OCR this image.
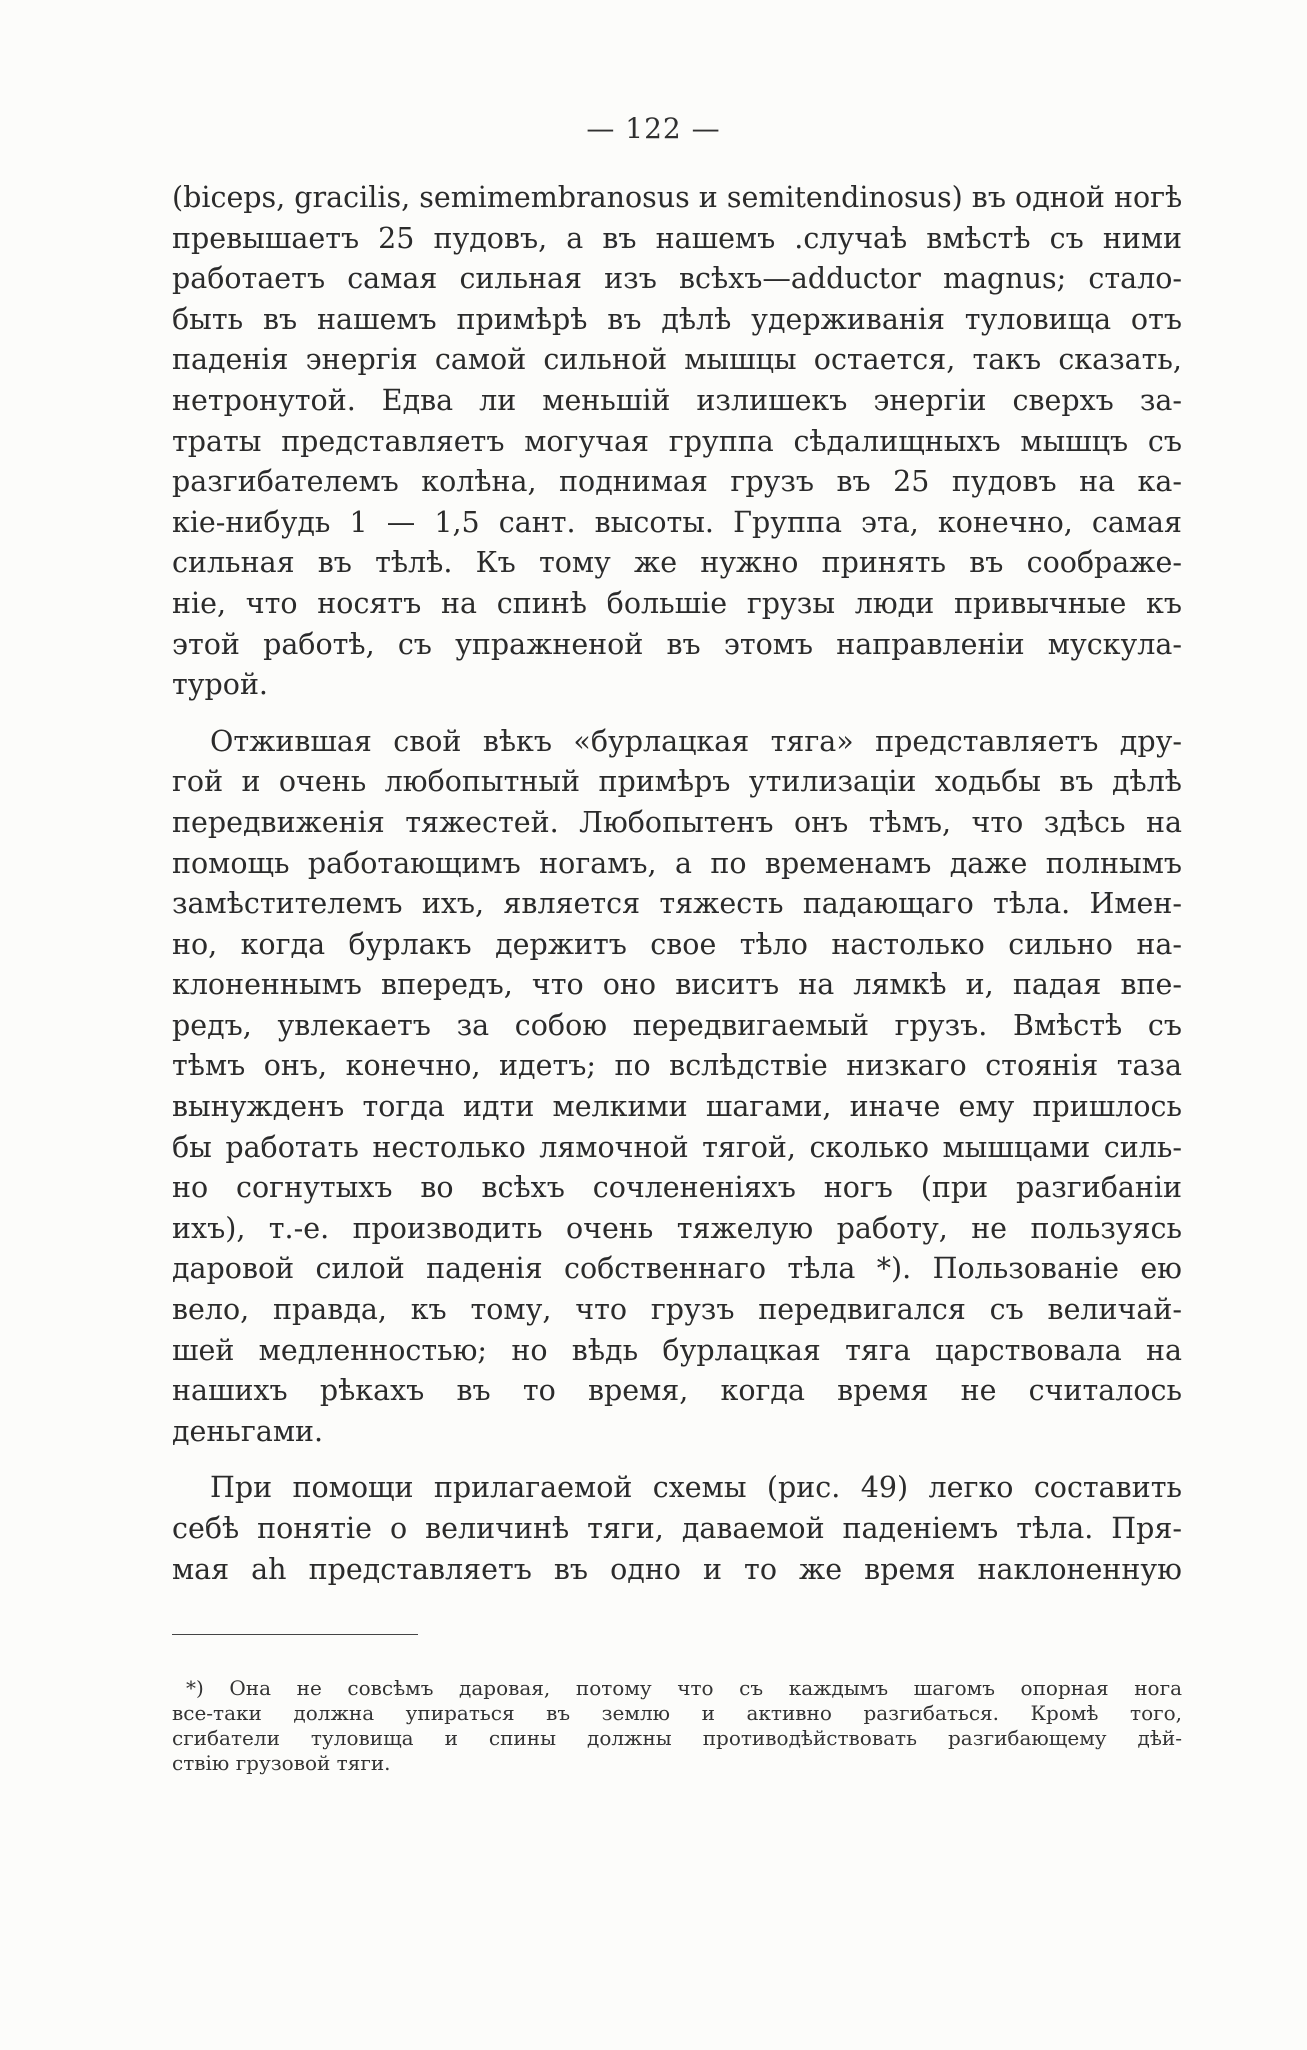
— 122 —
(biceps, gracilis, semimembranosus и semitendinosus) въ одной ногѣ
превышаетъ 25 пудовъ, а въ нашемъ .случаѣ вмѣстѣ съ ними
работаетъ самая сильная изъ всѣхъ—adductor magnus; стало-
быть въ нашемъ примѣрѣ въ дѣлѣ удерживанія туловища отъ
паденія энергія самой сильной мышцы остается, такъ сказать,
нетронутой. Едва ли меньшій излишекъ энергіи сверхъ за-
траты представляетъ могучая группа сѣдалищныхъ мышцъ съ
разгибателемъ колѣна, поднимая грузъ въ 25 пудовъ на ка-
кіе-нибудь 1 — 1,5 сант. высоты. Группа эта, конечно, самая
сильная въ тѣлѣ. Къ тому же нужно принять въ соображе-
ніе, что носятъ на спинѣ большіе грузы люди привычные къ
этой работѣ, съ упражненой въ этомъ направленіи мускула-
турой.
Отжившая свой вѣкъ «бурлацкая тяга» представляетъ дру-
гой и очень любопытный примѣръ утилизаціи ходьбы въ дѣлѣ
передвиженія тяжестей. Любопытенъ онъ тѣмъ, что здѣсь на
помощь работающимъ ногамъ, а по временамъ даже полнымъ
замѣстителемъ ихъ, является тяжесть падающаго тѣла. Имен-
но, когда бурлакъ держитъ свое тѣло настолько сильно на-
клоненнымъ впередъ, что оно виситъ на лямкѣ и, падая впе-
редъ, увлекаетъ за собою передвигаемый грузъ. Вмѣстѣ съ
тѣмъ онъ, конечно, идетъ; по вслѣдствіе низкаго стоянія таза
вынужденъ тогда идти мелкими шагами, иначе ему пришлось
бы работать нестолько лямочной тягой, сколько мышцами силь-
но согнутыхъ во всѣхъ сочлененіяхъ ногъ (при разгибаніи
ихъ), т.-е. производить очень тяжелую работу, не пользуясь
даровой силой паденія собственнаго тѣла *). Пользованіе ею
вело, правда, къ тому, что грузъ передвигался съ величай-
шей медленностью; но вѣдь бурлацкая тяга царствовала на
нашихъ рѣкахъ въ то время, когда время не считалось
деньгами.
При помощи прилагаемой схемы (рис. 49) легко составить
себѣ понятіе о величинѣ тяги, даваемой паденіемъ тѣла. Пря-
мая ah представляетъ въ одно и то же время наклоненную
*) Она не совсѣмъ даровая, потому что съ каждымъ шагомъ опорная нога
все-таки должна упираться въ землю и активно разгибаться. Кромѣ того,
сгибатели туловища и спины должны противодѣйствовать разгибающему дѣй-
ствію грузовой тяги.
